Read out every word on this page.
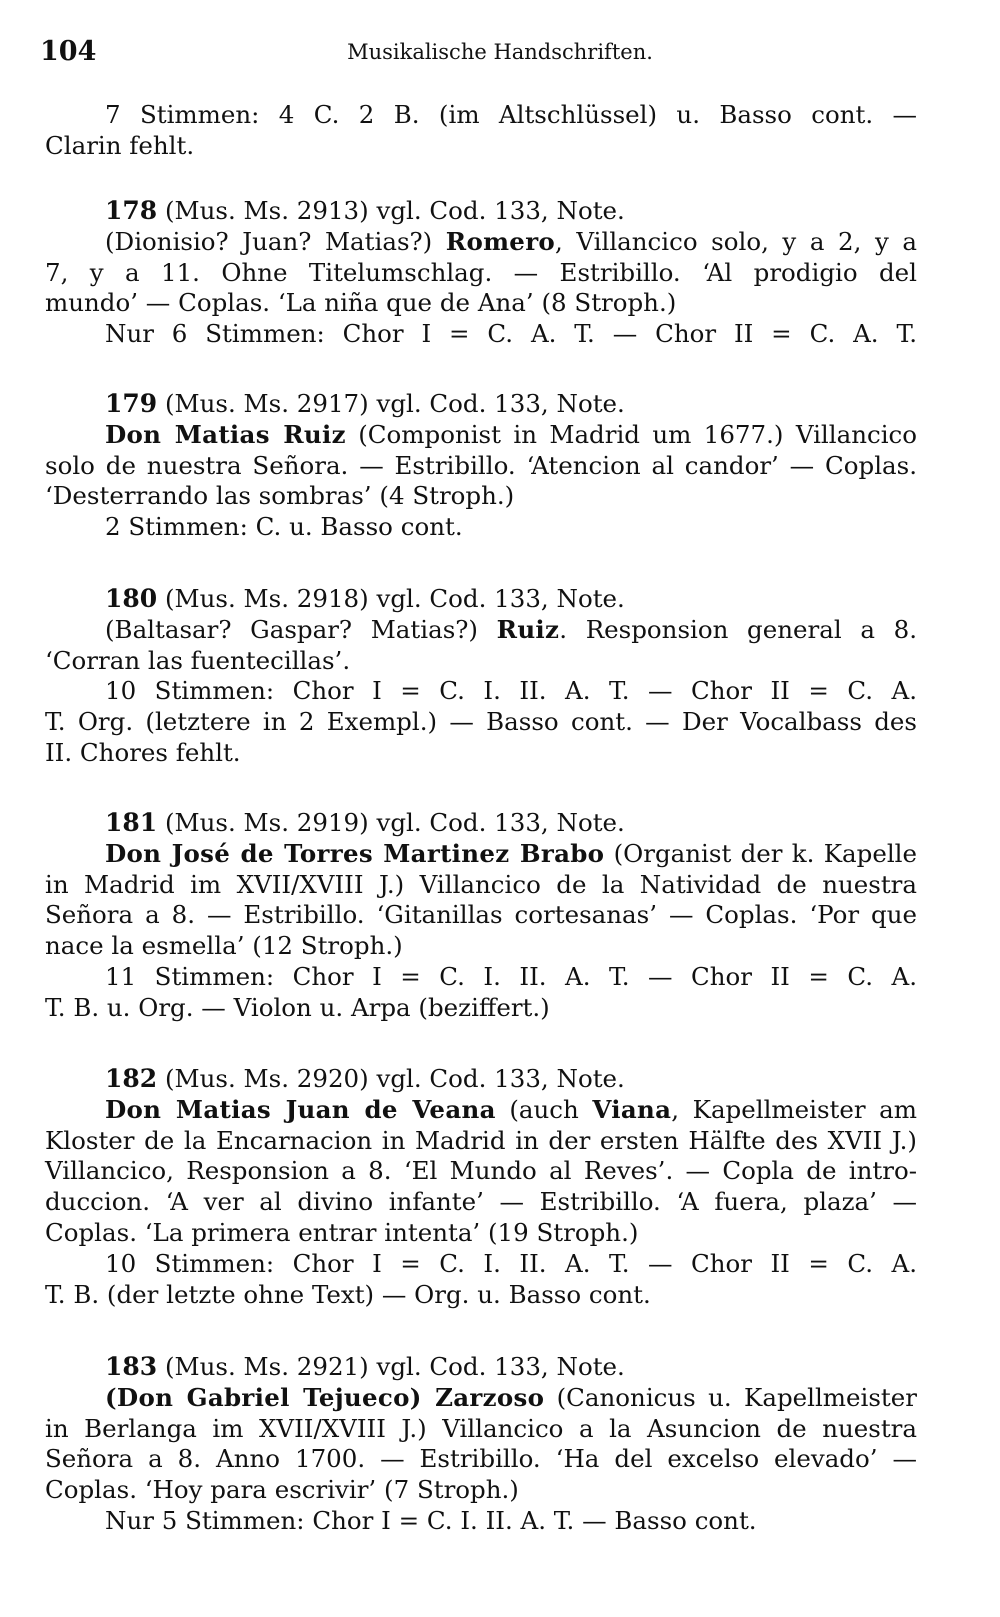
104	Musikalische Handschriften.
7 Stimmen: 4 C. 2 B. (im Altschlüssel) u. Basso cont. —
Clarin fehlt.
178 (Mus. Ms. 2913) vgl. Cod. 133, Note.
(Dionisio? Juan? Matias?) Romero, Villancico solo, y a 2, y a
7, y a 11. Ohne Titelumschlag. — Estribillo. ‘Al prodigio del
mundo’ — Coplas. ‘La niña que de Ana’ (8 Stroph.)
Nur 6 Stimmen: Chor I = C. A. T. — Chor II = C. A. T.
179 (Mus. Ms. 2917) vgl. Cod. 133, Note.
Don Matias Ruiz (Componist in Madrid um 1677.) Villancico
solo de nuestra Señora. — Estribillo. ‘Atencion al candor’ — Coplas.
‘Desterrando las sombras’ (4 Stroph.)
2 Stimmen: C. u. Basso cont.
180 (Mus. Ms. 2918) vgl. Cod. 133, Note.
(Baltasar? Gaspar? Matias?) Ruiz. Responsion general a 8.
‘Corran las fuentecillas’.
10 Stimmen: Chor I = C. I. II. A. T. — Chor II = C. A.
T. Org. (letztere in 2 Exempl.) — Basso cont. — Der Vocalbass des
II. Chores fehlt.
181 (Mus. Ms. 2919) vgl. Cod. 133, Note.
Don José de Torres Martinez Brabo (Organist der k. Kapelle
in Madrid im XVII/XVIII J.) Villancico de la Natividad de nuestra
Señora a 8. — Estribillo. ‘Gitanillas cortesanas’ — Coplas. ‘Por que
nace la esmella’ (12 Stroph.)
11 Stimmen: Chor I = C. I. II. A. T. — Chor II = C. A.
T. B. u. Org. — Violon u. Arpa (beziffert.)
182 (Mus. Ms. 2920) vgl. Cod. 133, Note.
Don Matias Juan de Veana (auch Viana, Kapellmeister am
Kloster de la Encarnacion in Madrid in der ersten Hälfte des XVII J.)
Villancico, Responsion a 8. ‘El Mundo al Reves’. — Copla de intro-
duccion. ‘A ver al divino infante’ — Estribillo. ‘A fuera, plaza’ —
Coplas. ‘La primera entrar intenta’ (19 Stroph.)
10 Stimmen: Chor I = C. I. II. A. T. — Chor II = C. A.
T. B. (der letzte ohne Text) — Org. u. Basso cont.
183 (Mus. Ms. 2921) vgl. Cod. 133, Note.
(Don Gabriel Tejueco) Zarzoso (Canonicus u. Kapellmeister
in Berlanga im XVII/XVIII J.) Villancico a la Asuncion de nuestra
Señora a 8. Anno 1700. — Estribillo. ‘Ha del excelso elevado’ —
Coplas. ‘Hoy para escrivir’ (7 Stroph.)
Nur 5 Stimmen: Chor I = C. I. II. A. T. — Basso cont.
